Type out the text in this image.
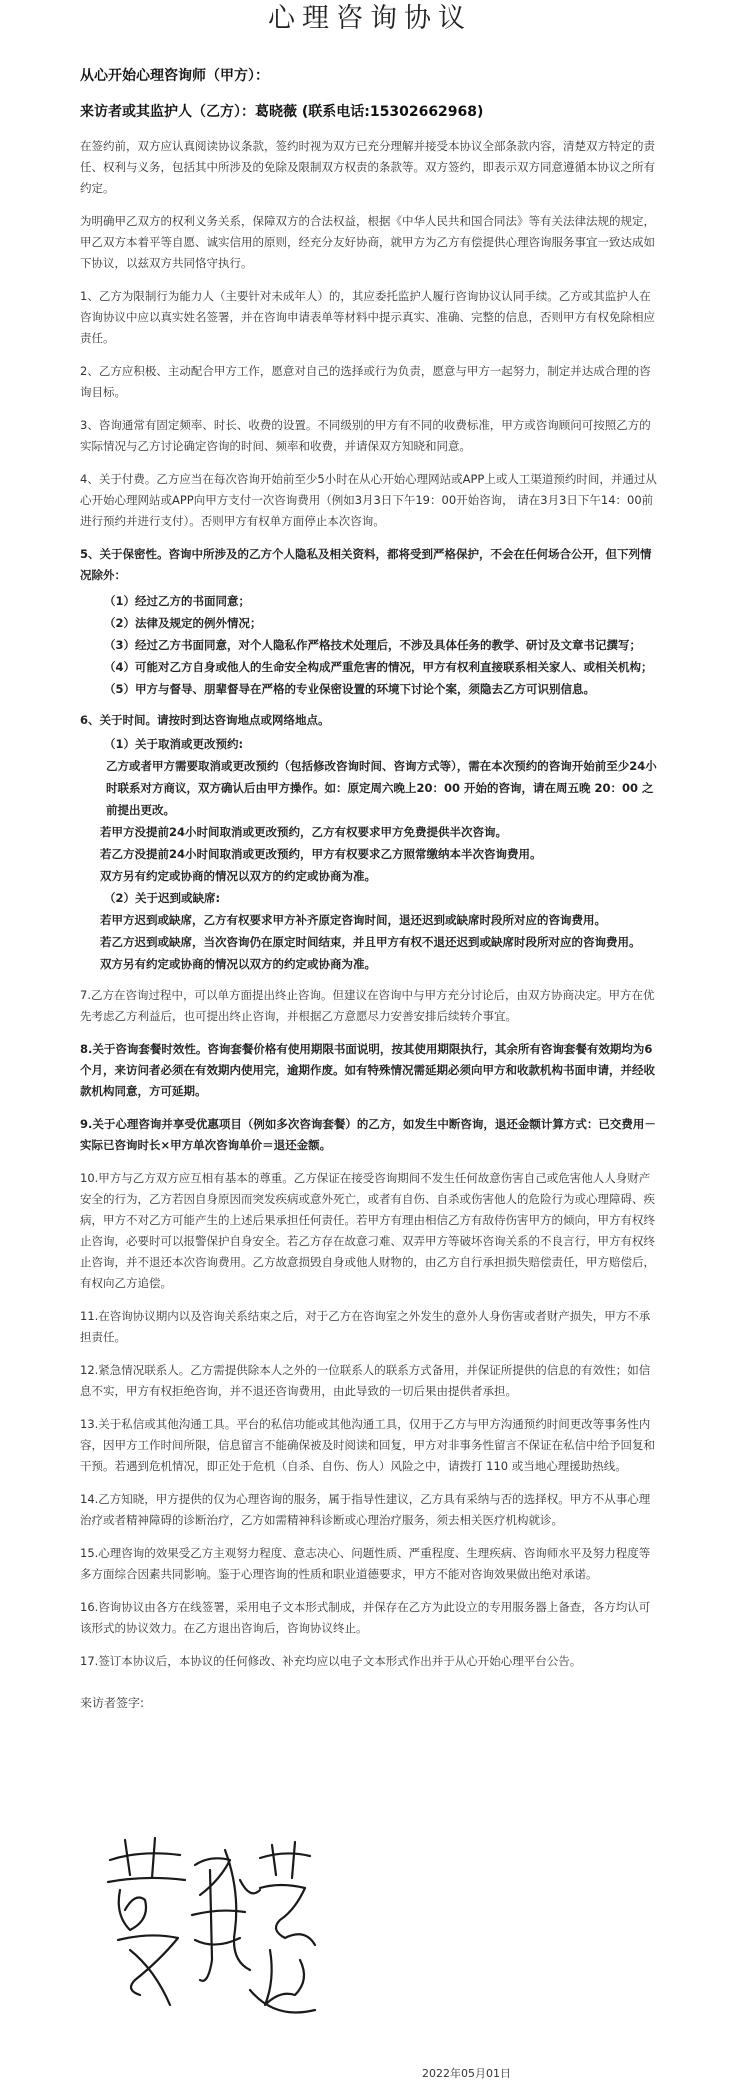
心理咨询协议

从心开始心理咨询师（甲方）：

来访者或其监护人（乙方）：葛晓薇 (联系电话:15302662968)

在签约前，双方应认真阅读协议条款，签约时视为双方已充分理解并接受本协议全部条款内容，清楚双方特定的责任、权利与义务，包括其中所涉及的免除及限制双方权责的条款等。双方签约，即表示双方同意遵循本协议之所有约定。

为明确甲乙双方的权利义务关系，保障双方的合法权益，根据《中华人民共和国合同法》等有关法律法规的规定，甲乙双方本着平等自愿、诚实信用的原则，经充分友好协商，就甲方为乙方有偿提供心理咨询服务事宜一致达成如下协议，以兹双方共同恪守执行。

1、乙方为限制行为能力人（主要针对未成年人）的，其应委托监护人履行咨询协议认同手续。乙方或其监护人在咨询协议中应以真实姓名签署，并在咨询申请表单等材料中提示真实、准确、完整的信息，否则甲方有权免除相应责任。

2、乙方应积极、主动配合甲方工作，愿意对自己的选择或行为负责，愿意与甲方一起努力，制定并达成合理的咨询目标。

3、咨询通常有固定频率、时长、收费的设置。不同级别的甲方有不同的收费标准，甲方或咨询顾问可按照乙方的实际情况与乙方讨论确定咨询的时间、频率和收费，并请保双方知晓和同意。

4、关于付费。乙方应当在每次咨询开始前至少5小时在从心开始心理网站或APP上或人工渠道预约时间，并通过从心开始心理网站或APP向甲方支付一次咨询费用（例如3月3日下午19：00开始咨询， 请在3月3日下午14：00前进行预约并进行支付）。否则甲方有权单方面停止本次咨询。

5、关于保密性。咨询中所涉及的乙方个人隐私及相关资料，都将受到严格保护，不会在任何场合公开，但下列情况除外：

（1）经过乙方的书面同意；
（2）法律及规定的例外情况；
（3）经过乙方书面同意，对个人隐私作严格技术处理后，不涉及具体任务的教学、研讨及文章书记撰写；
（4）可能对乙方自身或他人的生命安全构成严重危害的情况，甲方有权利直接联系相关家人、或相关机构；
（5）甲方与督导、朋辈督导在严格的专业保密设置的环境下讨论个案，须隐去乙方可识别信息。

6、关于时间。请按时到达咨询地点或网络地点。

（1）关于取消或更改预约:
乙方或者甲方需要取消或更改预约（包括修改咨询时间、咨询方式等），需在本次预约的咨询开始前至少24小时联系对方商议，双方确认后由甲方操作。如：原定周六晚上20：00 开始的咨询，请在周五晚 20：00 之前提出更改。
若甲方没提前24小时间取消或更改预约，乙方有权要求甲方免费提供半次咨询。
若乙方没提前24小时间取消或更改预约，甲方有权要求乙方照常缴纳本半次咨询费用。
双方另有约定或协商的情况以双方的约定或协商为准。
（2）关于迟到或缺席:
若甲方迟到或缺席，乙方有权要求甲方补齐原定咨询时间，退还迟到或缺席时段所对应的咨询费用。
若乙方迟到或缺席，当次咨询仍在原定时间结束，并且甲方有权不退还迟到或缺席时段所对应的咨询费用。
双方另有约定或协商的情况以双方的约定或协商为准。

7.乙方在咨询过程中，可以单方面提出终止咨询。但建议在咨询中与甲方充分讨论后，由双方协商决定。甲方在优先考虑乙方利益后，也可提出终止咨询，并根据乙方意愿尽力安善安排后续转介事宜。

8.关于咨询套餐时效性。咨询套餐价格有使用期限书面说明，按其使用期限执行，其余所有咨询套餐有效期均为6个月，来访问者必须在有效期内使用完，逾期作废。如有特殊情况需延期必须向甲方和收款机构书面申请，并经收款机构同意，方可延期。

9.关于心理咨询并享受优惠项目（例如多次咨询套餐）的乙方，如发生中断咨询，退还金额计算方式：已交费用－实际已咨询时长×甲方单次咨询单价＝退还金额。

10.甲方与乙方双方应互相有基本的尊重。乙方保证在接受咨询期间不发生任何故意伤害自己或危害他人人身财产安全的行为，乙方若因自身原因而突发疾病或意外死亡，或者有自伤、自杀或伤害他人的危险行为或心理障碍、疾病，甲方不对乙方可能产生的上述后果承担任何责任。若甲方有理由相信乙方有敌侍伤害甲方的倾向，甲方有权终止咨询，必要时可以报警保护自身安全。若乙方存在故意刁难、双弄甲方等破坏咨询关系的不良言行，甲方有权终止咨询，并不退还本次咨询费用。乙方故意损毁自身或他人财物的，由乙方自行承担损失赔偿责任，甲方赔偿后，有权向乙方追偿。

11.在咨询协议期内以及咨询关系结束之后，对于乙方在咨询室之外发生的意外人身伤害或者财产损失，甲方不承担责任。

12.紧急情况联系人。乙方需提供除本人之外的一位联系人的联系方式备用，并保证所提供的信息的有效性；如信息不实，甲方有权拒绝咨询，并不退还咨询费用，由此导致的一切后果由提供者承担。

13.关于私信或其他沟通工具。平台的私信功能或其他沟通工具，仅用于乙方与甲方沟通预约时间更改等事务性内容，因甲方工作时间所限，信息留言不能确保被及时阅读和回复，甲方对非事务性留言不保证在私信中给予回复和干预。若遇到危机情况，即正处于危机（自杀、自伤、伤人）风险之中，请拨打 110 或当地心理援助热线。

14.乙方知晓，甲方提供的仅为心理咨询的服务，属于指导性建议，乙方具有采纳与否的选择权。甲方不从事心理治疗或者精神障碍的诊断治疗，乙方如需精神科诊断或心理治疗服务，须去相关医疗机构就诊。

15.心理咨询的效果受乙方主观努力程度、意志决心、问题性质、严重程度、生理疾病、咨询师水平及努力程度等多方面综合因素共同影响。鉴于心理咨询的性质和职业道德要求，甲方不能对咨询效果做出绝对承诺。

16.咨询协议由各方在线签署，采用电子文本形式制成，并保存在乙方为此设立的专用服务器上备查，各方均认可该形式的协议效力。在乙方退出咨询后，咨询协议终止。

17.签订本协议后，本协议的任何修改、补充均应以电子文本形式作出并于从心开始心理平台公告。

来访者签字:
2022年05月01日
